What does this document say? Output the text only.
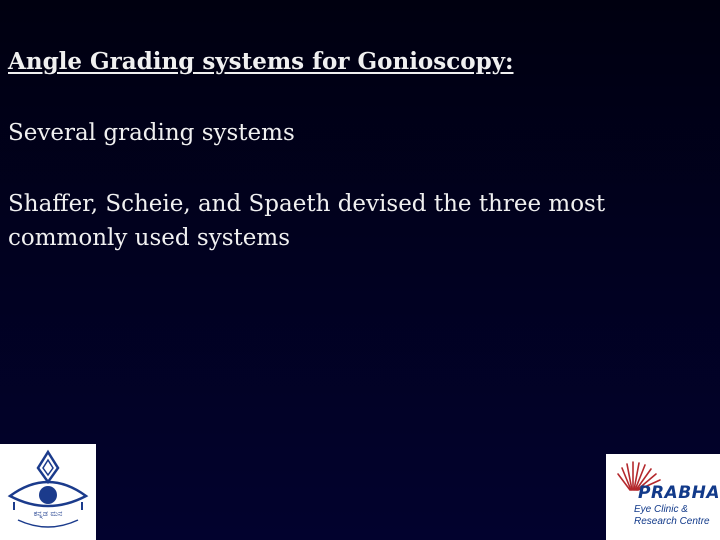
Angle Grading systems for Gonioscopy:
Several grading systems
Shaffer, Scheie, and Spaeth devised the three most commonly used systems
ಕನ್ನಡ ಮನ
PRABHA
Eye Clinic &
Research Centre
